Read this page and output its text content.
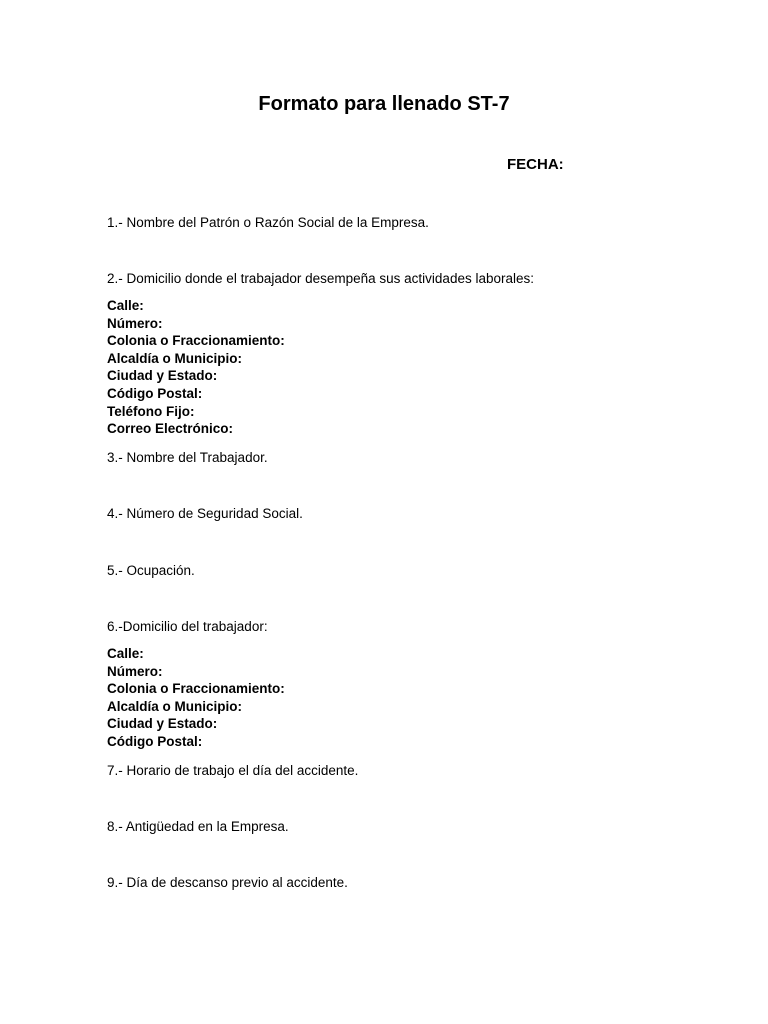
Formato para llenado ST-7
FECHA:
1.- Nombre del Patrón o Razón Social de la Empresa.
2.- Domicilio donde el trabajador desempeña sus actividades laborales:
Calle:
Número:
Colonia o Fraccionamiento:
Alcaldía o Municipio:
Ciudad y Estado:
Código Postal:
Teléfono Fijo:
Correo Electrónico:
3.- Nombre del Trabajador.
4.- Número de Seguridad Social.
5.- Ocupación.
6.-Domicilio del trabajador:
Calle:
Número:
Colonia o Fraccionamiento:
Alcaldía o Municipio:
Ciudad y Estado:
Código Postal:
7.- Horario de trabajo el día del accidente.
8.- Antigüedad en la Empresa.
9.- Día de descanso previo al accidente.
